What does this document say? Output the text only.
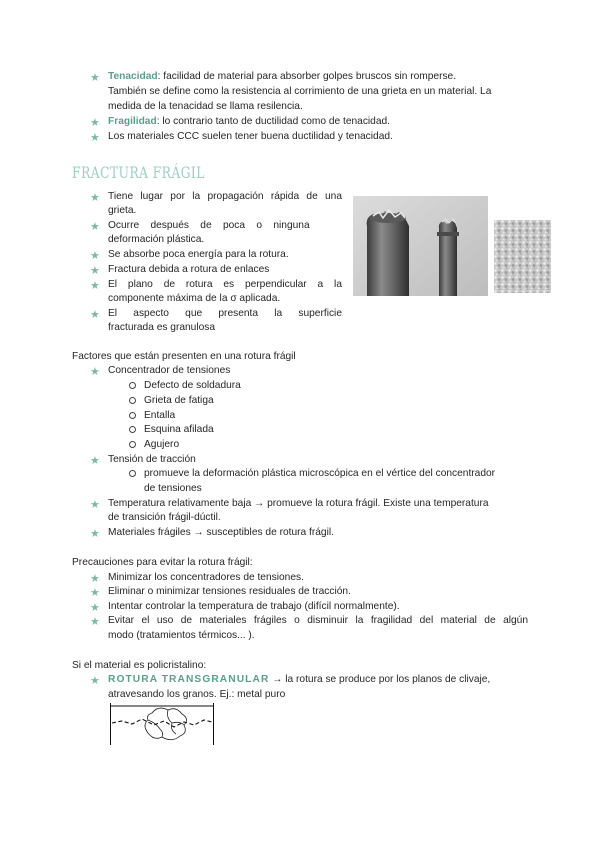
★ Tenacidad: facilidad de material para absorber golpes bruscos sin romperse.
También se define como la resistencia al corrimiento de una grieta en un material. La
medida de la tenacidad se llama resilencia.
★ Fragilidad: lo contrario tanto de ductilidad como de tenacidad.
★ Los materiales CCC suelen tener buena ductilidad y tenacidad.
FRACTURA FRÁGIL
★ Tiene lugar por la propagación rápida de una
grieta.
★ Ocurre    después    de    poca    o    ninguna
deformación plástica.
★ Se absorbe poca energía para la rotura.
★ Fractura debida a rotura de enlaces
★ El plano de rotura es perpendicular a la
componente máxima de la σ aplicada.
★ El aspecto que presenta la superficie
fracturada es granulosa
Factores que están presenten en una rotura frágil
★ Concentrador de tensiones
Defecto de soldadura
Grieta de fatiga
Entalla
Esquina afilada
Agujero
★ Tensión de tracción
promueve la deformación plástica microscópica en el vértice del concentrador
de tensiones
★ Temperatura relativamente baja → promueve la rotura frágil. Existe una temperatura
de transición frágil-dúctil.
★ Materiales frágiles → susceptibles de rotura frágil.
Precauciones para evitar la rotura frágil:
★ Minimizar los concentradores de tensiones.
★ Eliminar o minimizar tensiones residuales de tracción.
★ Intentar controlar la temperatura de trabajo (difícil normalmente).
★ Evitar el uso de materiales frágiles o disminuir la fragilidad del material de algún
modo (tratamientos térmicos... ).
Si el material es policristalino:
★ ROTURA TRANSGRANULAR → la rotura se produce por los planos de clivaje,
atravesando los granos. Ej.: metal puro
